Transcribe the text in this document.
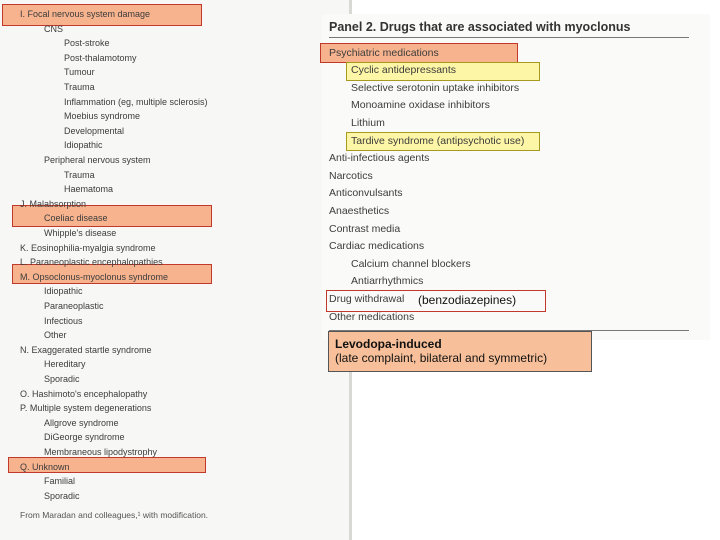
I. Focal nervous system damage
CNS
Post-stroke
Post-thalamotomy
Tumour
Trauma
Inflammation (eg, multiple sclerosis)
Moebius syndrome
Developmental
Idiopathic
Peripheral nervous system
Trauma
Haematoma
J. Malabsorption
Coeliac disease
Whipple's disease
K. Eosinophilia-myalgia syndrome
L. Paraneoplastic encephalopathies
M. Opsoclonus-myoclonus syndrome
Idiopathic
Paraneoplastic
Infectious
Other
N. Exaggerated startle syndrome
Hereditary
Sporadic
O. Hashimoto's encephalopathy
P. Multiple system degenerations
Allgrove syndrome
DiGeorge syndrome
Membraneous lipodystrophy
Q. Unknown
Familial
Sporadic
From Maradan and colleagues,¹ with modification.
Panel 2. Drugs that are associated with myoclonus
Psychiatric medications
Cyclic antidepressants
Selective serotonin uptake inhibitors
Monoamine oxidase inhibitors
Lithium
Tardive syndrome (antipsychotic use)
Anti-infectious agents
Narcotics
Anticonvulsants
Anaesthetics
Contrast media
Cardiac medications
Calcium channel blockers
Antiarrhythmics
Drug withdrawal
Other medications
(benzodiazepines)
Levodopa-induced
(late complaint, bilateral and symmetric)
